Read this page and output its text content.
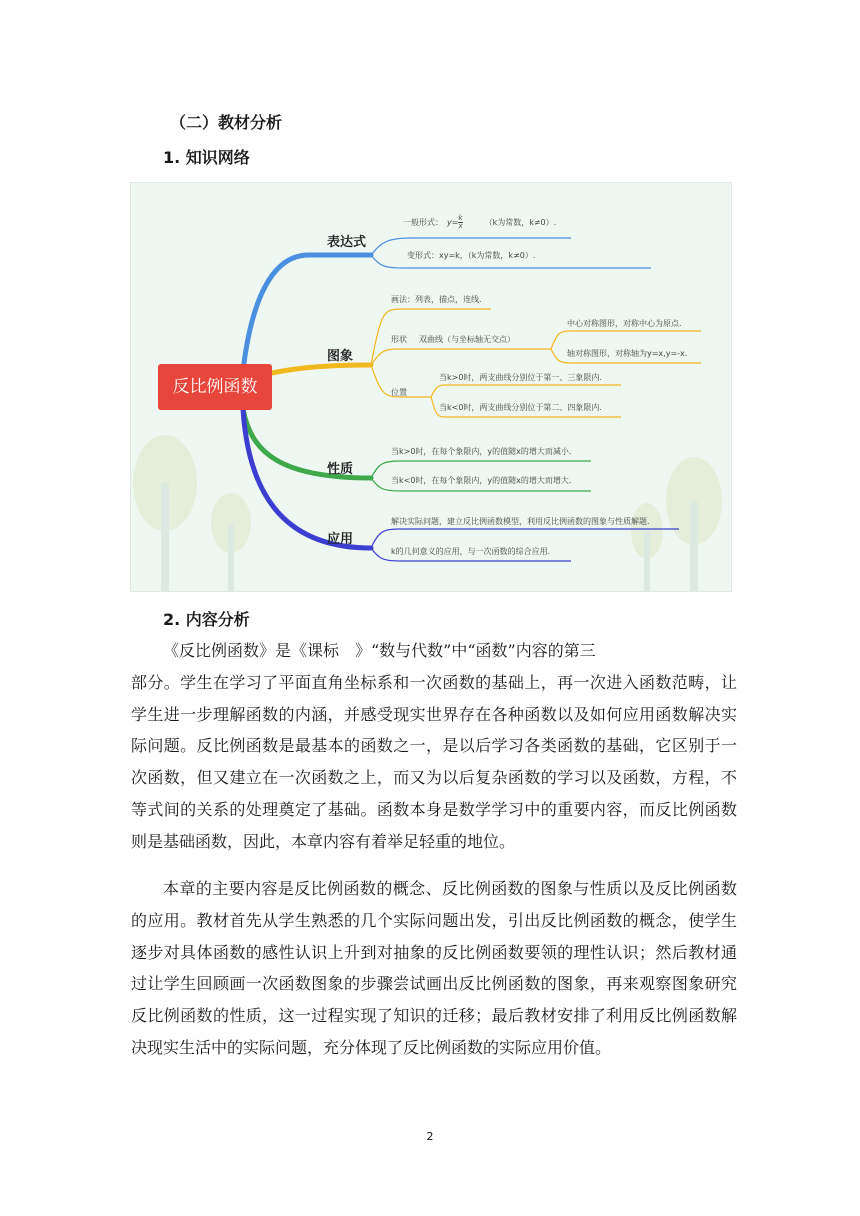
（二）教材分析
1. 知识网络
反比例函数
表达式
一般形式： $y= \frac{k}{x}$	（k为常数，k≠0）.
变形式：xy=k，（k为常数，k≠0）.
图象
画法：列表，描点，连线.
形状 双曲线（与坐标轴无交点）
中心对称图形，对称中心为原点.
轴对称图形，对称轴为y=x,y=-x.
位置
当k>0时，两支曲线分别位于第一、三象限内.
当k<0时，两支曲线分别位于第二、四象限内.
性质
当k>0时，在每个象限内，y的值随x的增大而减小.
当k<0时，在每个象限内，y的值随x的增大而增大.
应用
解决实际问题，建立反比例函数模型，利用反比例函数的图象与性质解题.
k的几何意义的应用，与一次函数的综合应用.
2. 内容分析
《反比例函数》是《课标　》“数与代数”中“函数”内容的第三
部分。学生在学习了平面直角坐标系和一次函数的基础上，再一次进入函数范畴，让学生进一步理解函数的内涵，并感受现实世界存在各种函数以及如何应用函数解决实际问题。反比例函数是最基本的函数之一，是以后学习各类函数的基础，它区别于一次函数，但又建立在一次函数之上，而又为以后复杂函数的学习以及函数，方程，不等式间的关系的处理奠定了基础。函数本身是数学学习中的重要内容，而反比例函数则是基础函数，因此，本章内容有着举足轻重的地位。
本章的主要内容是反比例函数的概念、反比例函数的图象与性质以及反比例函数的应用。教材首先从学生熟悉的几个实际问题出发，引出反比例函数的概念，使学生逐步对具体函数的感性认识上升到对抽象的反比例函数要领的理性认识；然后教材通过让学生回顾画一次函数图象的步骤尝试画出反比例函数的图象，再来观察图象研究反比例函数的性质，这一过程实现了知识的迁移；最后教材安排了利用反比例函数解决现实生活中的实际问题，充分体现了反比例函数的实际应用价值。
2
